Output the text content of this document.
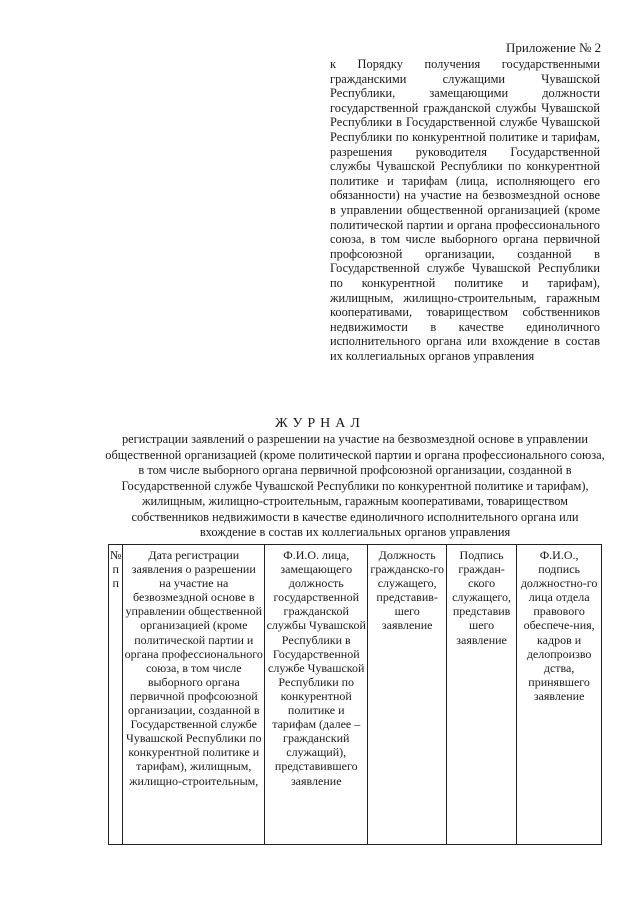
Приложение № 2
к Порядку получения государственными гражданскими служащими Чувашской Республики, замещающими должности государственной гражданской службы Чувашской Республики в Государственной службе Чувашской Республики по конкурентной политике и тарифам, разрешения руководителя Государственной службы Чувашской Республики по конкурентной политике и тарифам (лица, исполняющего его обязанности) на участие на безвозмездной основе в управлении общественной организацией (кроме политической партии и органа профессионального союза, в том числе выборного органа первичной профсоюзной организации, созданной в Государственной службе Чувашской Республики по конкурентной политике и тарифам), жилищным, жилищно-строительным, гаражным кооперативами, товариществом собственников недвижимости в качестве единоличного исполнительного органа или вхождение в состав их коллегиальных органов управления
ЖУРНАЛ
регистрации заявлений о разрешении на участие на безвозмездной основе в управлении общественной организацией (кроме политической партии и органа профессионального союза, в том числе выборного органа первичной профсоюзной организации, созданной в Государственной службе Чувашской Республики по конкурентной политике и тарифам), жилищным, жилищно-строительным, гаражным кооперативами, товариществом собственников недвижимости в качестве единоличного исполнительного органа или вхождение в состав их коллегиальных органов управления
№ пп	Дата регистрации заявления о разрешении на участие на безвозмездной основе в управлении общественной организацией (кроме политической партии и органа профессионального союза, в том числе выборного органа первичной профсоюзной организации, созданной в Государственной службе Чувашской Республики по конкурентной политике и тарифам), жилищным, жилищно-строительным,	Ф.И.О. лица, замещающего должность государственной гражданской службы Чувашской Республики в Государственной службе Чувашской Республики по конкурентной политике и тарифам (далее – гражданский служащий), представившего заявление	Должность гражданско-го служащего, представив-шего заявление	Подпись граждан-ского служащего, представив шего заявление	Ф.И.О., подпись должностно-го лица отдела правового обеспече-ния, кадров и делопроизво дства, принявшего заявление
